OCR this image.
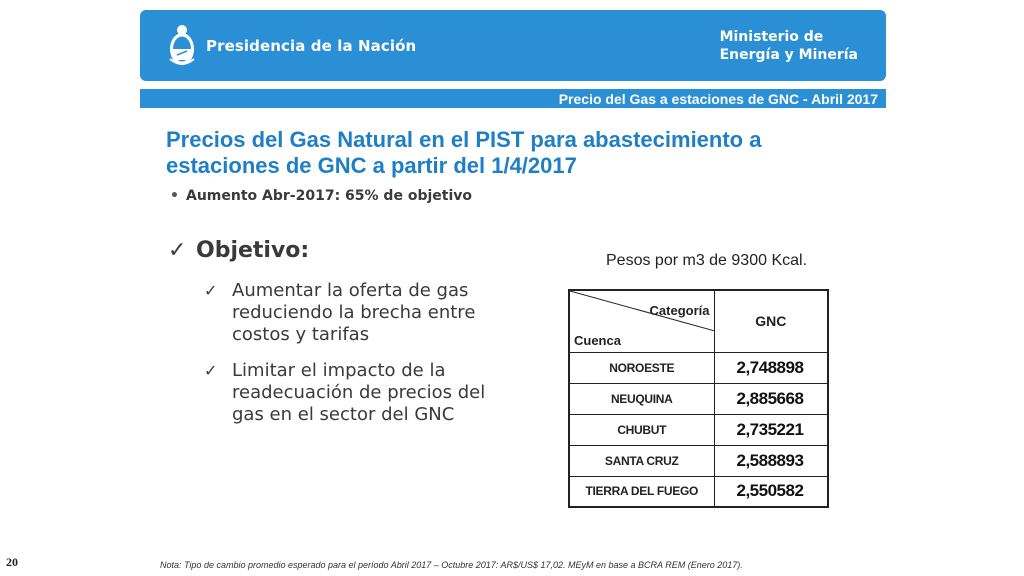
Presidencia de la Nación	Ministerio de
Energía y Minería
Precio del Gas a estaciones de GNC - Abril 2017
Precios del Gas Natural en el PIST para abastecimiento a estaciones de GNC a partir del 1/4/2017
• Aumento Abr-2017: 65% de objetivo
✓ Objetivo:
✓ Aumentar la oferta de gas reduciendo la brecha entre costos y tarifas
✓ Limitar el impacto de la readecuación de precios del gas en el sector del GNC
Pesos por m3 de 9300 Kcal.
Categoría
Cuenca	GNC
NOROESTE	2,748898
NEUQUINA	2,885668
CHUBUT	2,735221
SANTA CRUZ	2,588893
TIERRA DEL FUEGO	2,550582
20	Nota: Tipo de cambio promedio esperado para el período Abril 2017 – Octubre 2017: AR$/US$ 17,02. MEyM en base a BCRA REM (Enero 2017).
